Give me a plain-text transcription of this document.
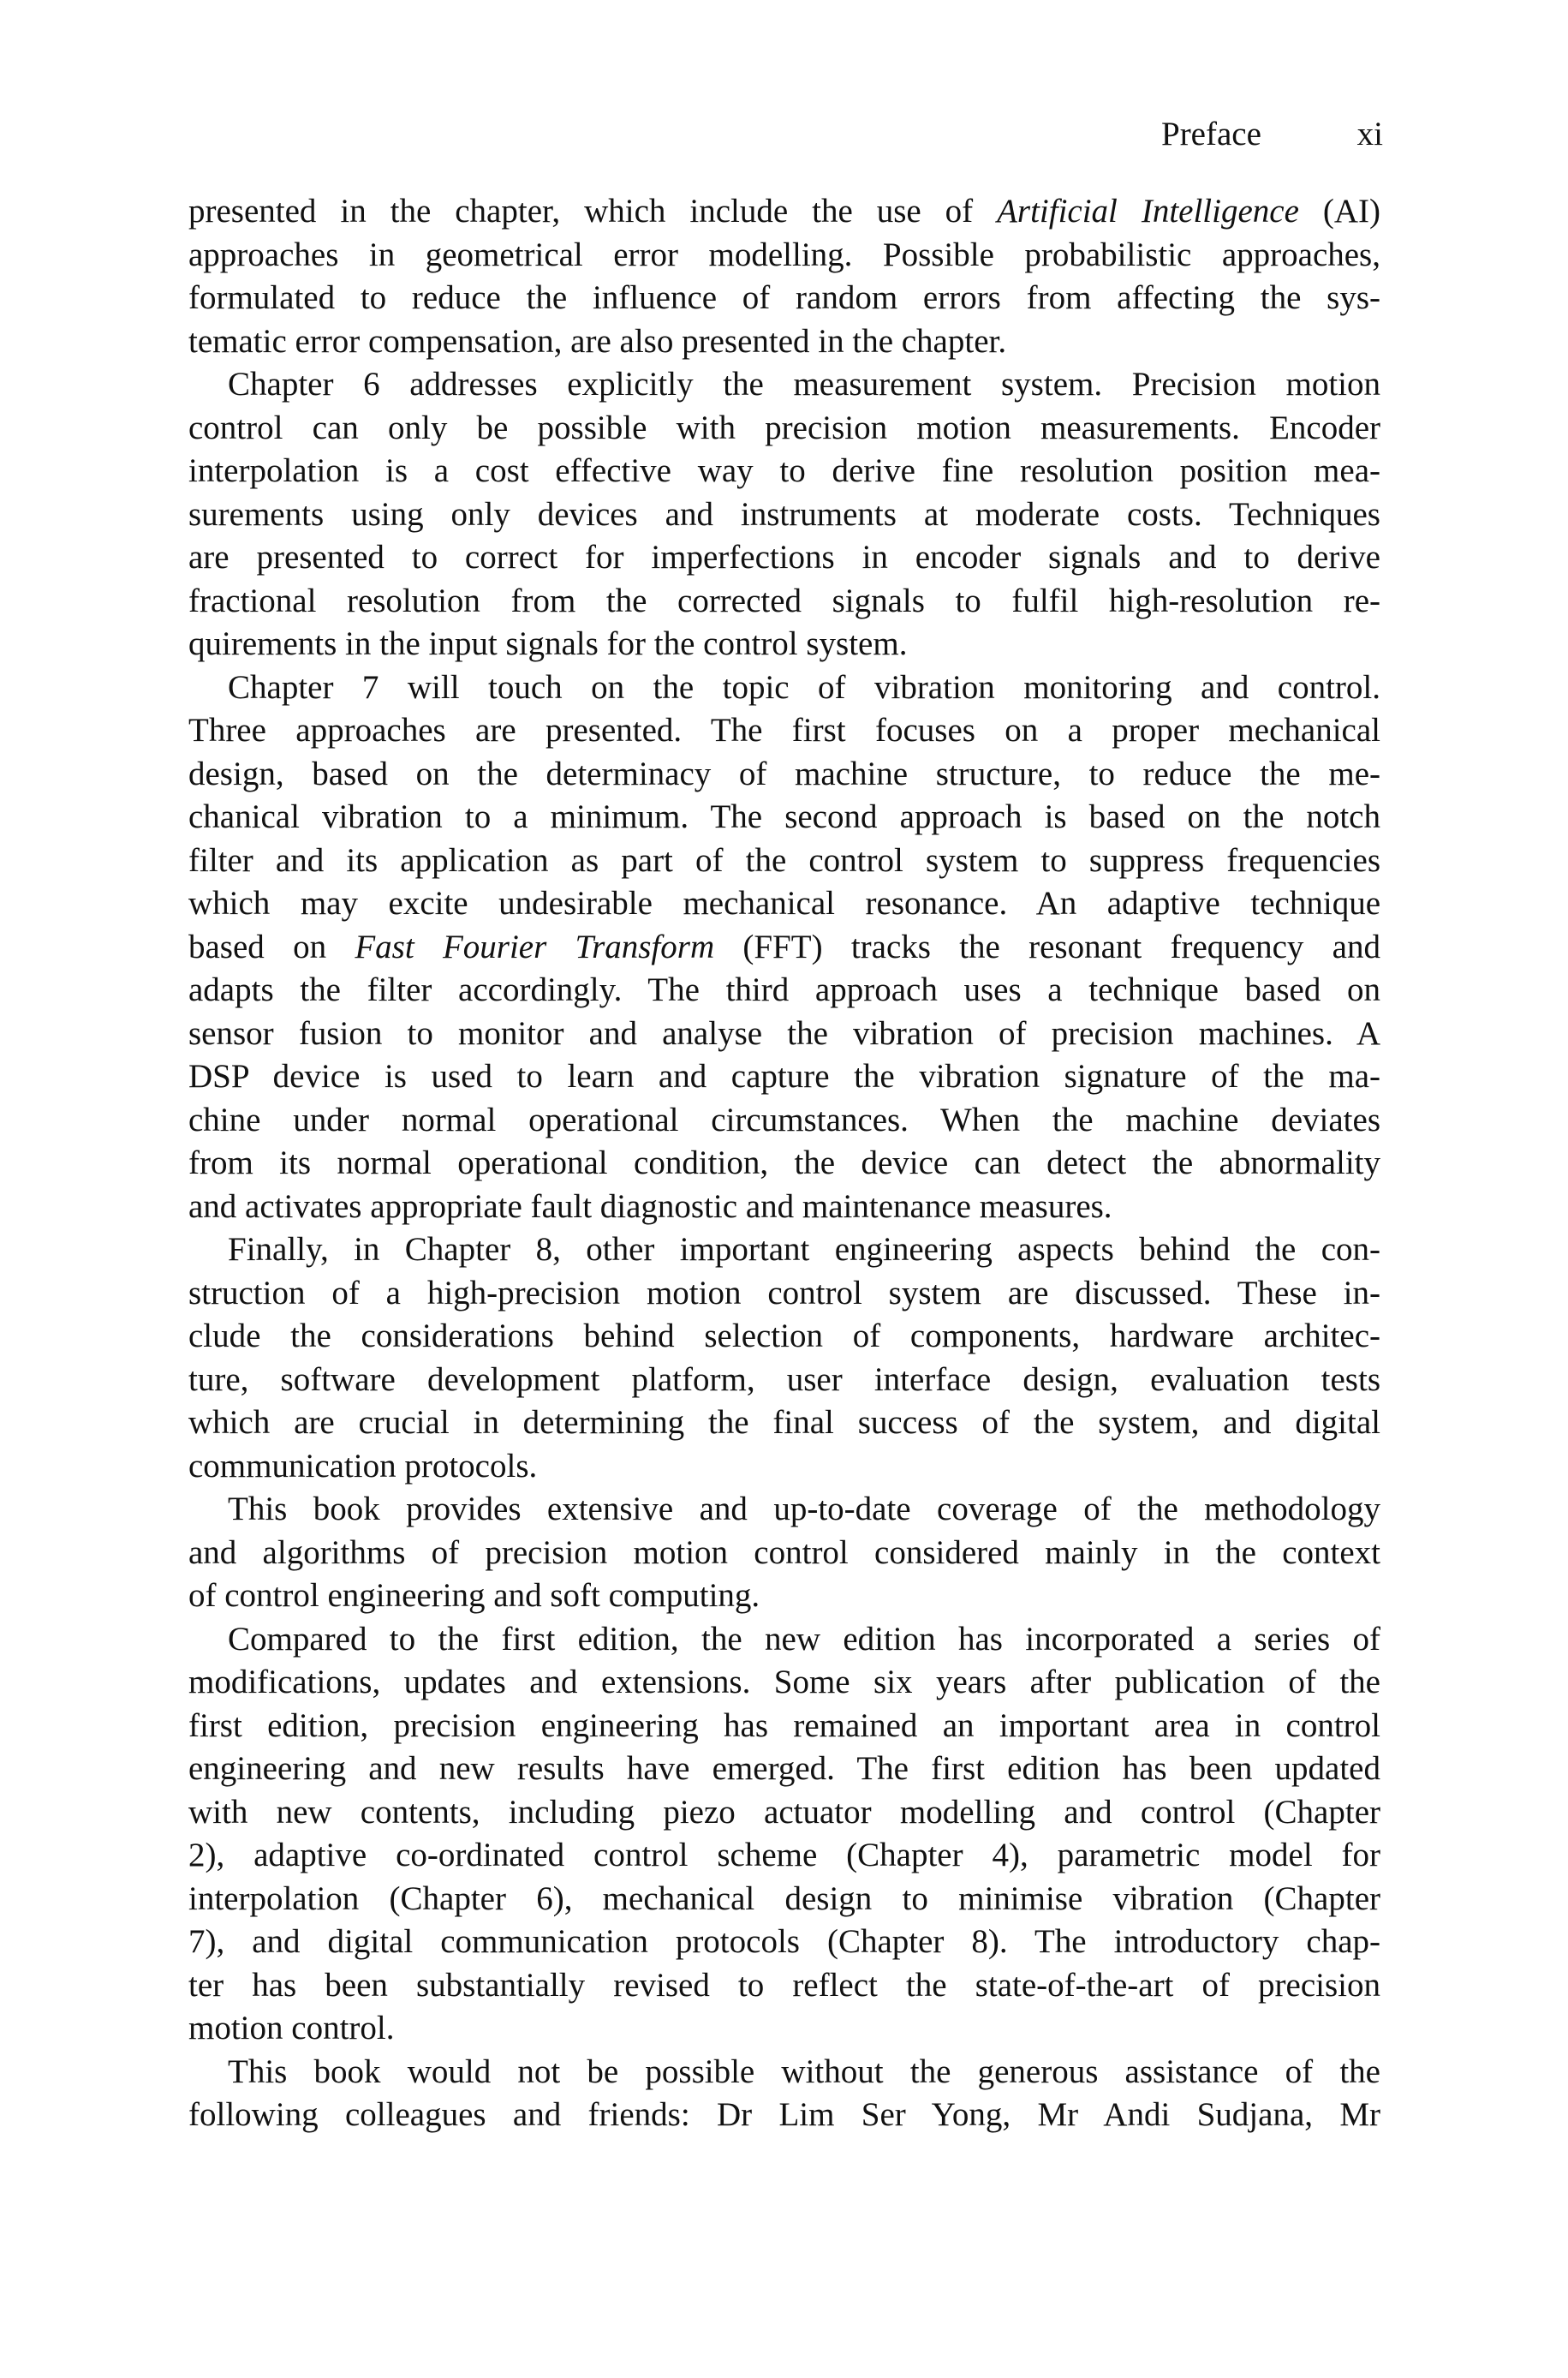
Preface	xi
presented in the chapter, which include the use of Artificial Intelligence (AI)
approaches in geometrical error modelling. Possible probabilistic approaches,
formulated to reduce the influence of random errors from affecting the sys-
tematic error compensation, are also presented in the chapter.
Chapter 6 addresses explicitly the measurement system. Precision motion
control can only be possible with precision motion measurements. Encoder
interpolation is a cost effective way to derive fine resolution position mea-
surements using only devices and instruments at moderate costs. Techniques
are presented to correct for imperfections in encoder signals and to derive
fractional resolution from the corrected signals to fulfil high-resolution re-
quirements in the input signals for the control system.
Chapter 7 will touch on the topic of vibration monitoring and control.
Three approaches are presented. The first focuses on a proper mechanical
design, based on the determinacy of machine structure, to reduce the me-
chanical vibration to a minimum. The second approach is based on the notch
filter and its application as part of the control system to suppress frequencies
which may excite undesirable mechanical resonance. An adaptive technique
based on Fast Fourier Transform (FFT) tracks the resonant frequency and
adapts the filter accordingly. The third approach uses a technique based on
sensor fusion to monitor and analyse the vibration of precision machines. A
DSP device is used to learn and capture the vibration signature of the ma-
chine under normal operational circumstances. When the machine deviates
from its normal operational condition, the device can detect the abnormality
and activates appropriate fault diagnostic and maintenance measures.
Finally, in Chapter 8, other important engineering aspects behind the con-
struction of a high-precision motion control system are discussed. These in-
clude the considerations behind selection of components, hardware architec-
ture, software development platform, user interface design, evaluation tests
which are crucial in determining the final success of the system, and digital
communication protocols.
This book provides extensive and up-to-date coverage of the methodology
and algorithms of precision motion control considered mainly in the context
of control engineering and soft computing.
Compared to the first edition, the new edition has incorporated a series of
modifications, updates and extensions. Some six years after publication of the
first edition, precision engineering has remained an important area in control
engineering and new results have emerged. The first edition has been updated
with new contents, including piezo actuator modelling and control (Chapter
2), adaptive co-ordinated control scheme (Chapter 4), parametric model for
interpolation (Chapter 6), mechanical design to minimise vibration (Chapter
7), and digital communication protocols (Chapter 8). The introductory chap-
ter has been substantially revised to reflect the state-of-the-art of precision
motion control.
This book would not be possible without the generous assistance of the
following colleagues and friends: Dr Lim Ser Yong, Mr Andi Sudjana, Mr
